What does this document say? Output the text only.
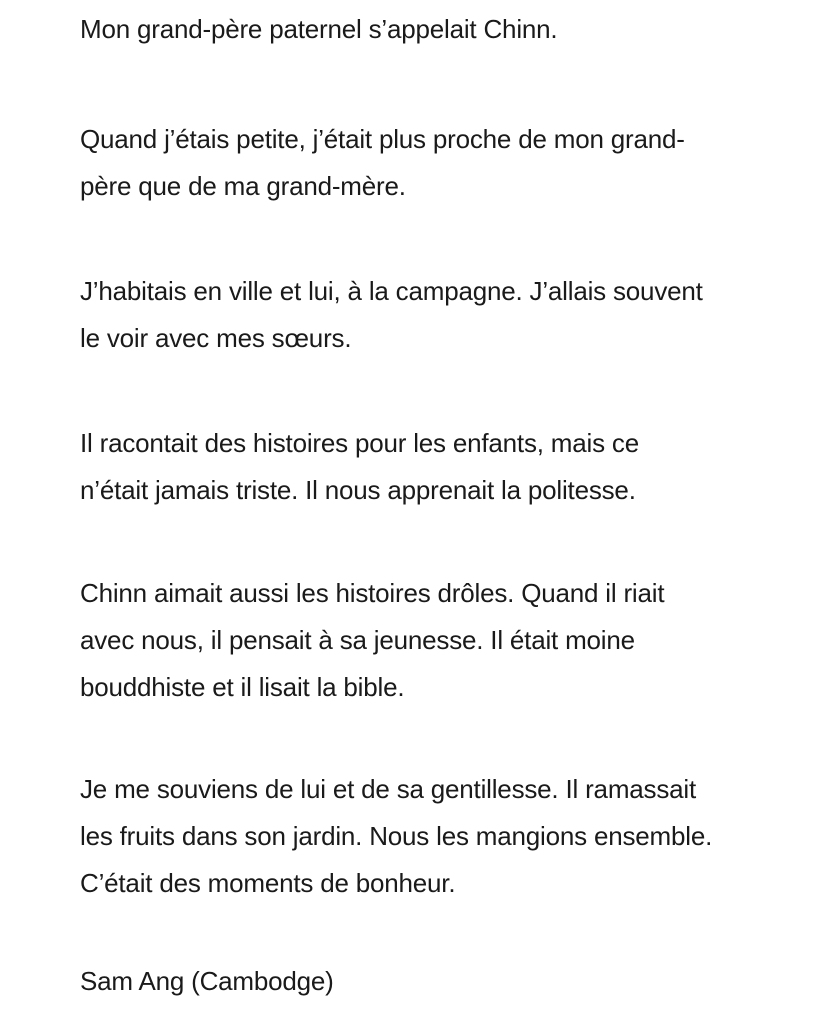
Mon grand-père paternel s’appelait Chinn.

Quand j’étais petite, j’était plus proche de mon grand-
père que de ma grand-mère.

J’habitais en ville et lui, à la campagne. J’allais souvent
le voir avec mes sœurs.

Il racontait des histoires pour les enfants, mais ce
n’était jamais triste. Il nous apprenait la politesse.

Chinn aimait aussi les histoires drôles. Quand il riait
avec nous, il pensait à sa jeunesse. Il était moine
bouddhiste et il lisait la bible.

Je me souviens de lui et de sa gentillesse. Il ramassait
les fruits dans son jardin. Nous les mangions ensemble.
C’était des moments de bonheur.

Sam Ang (Cambodge)
